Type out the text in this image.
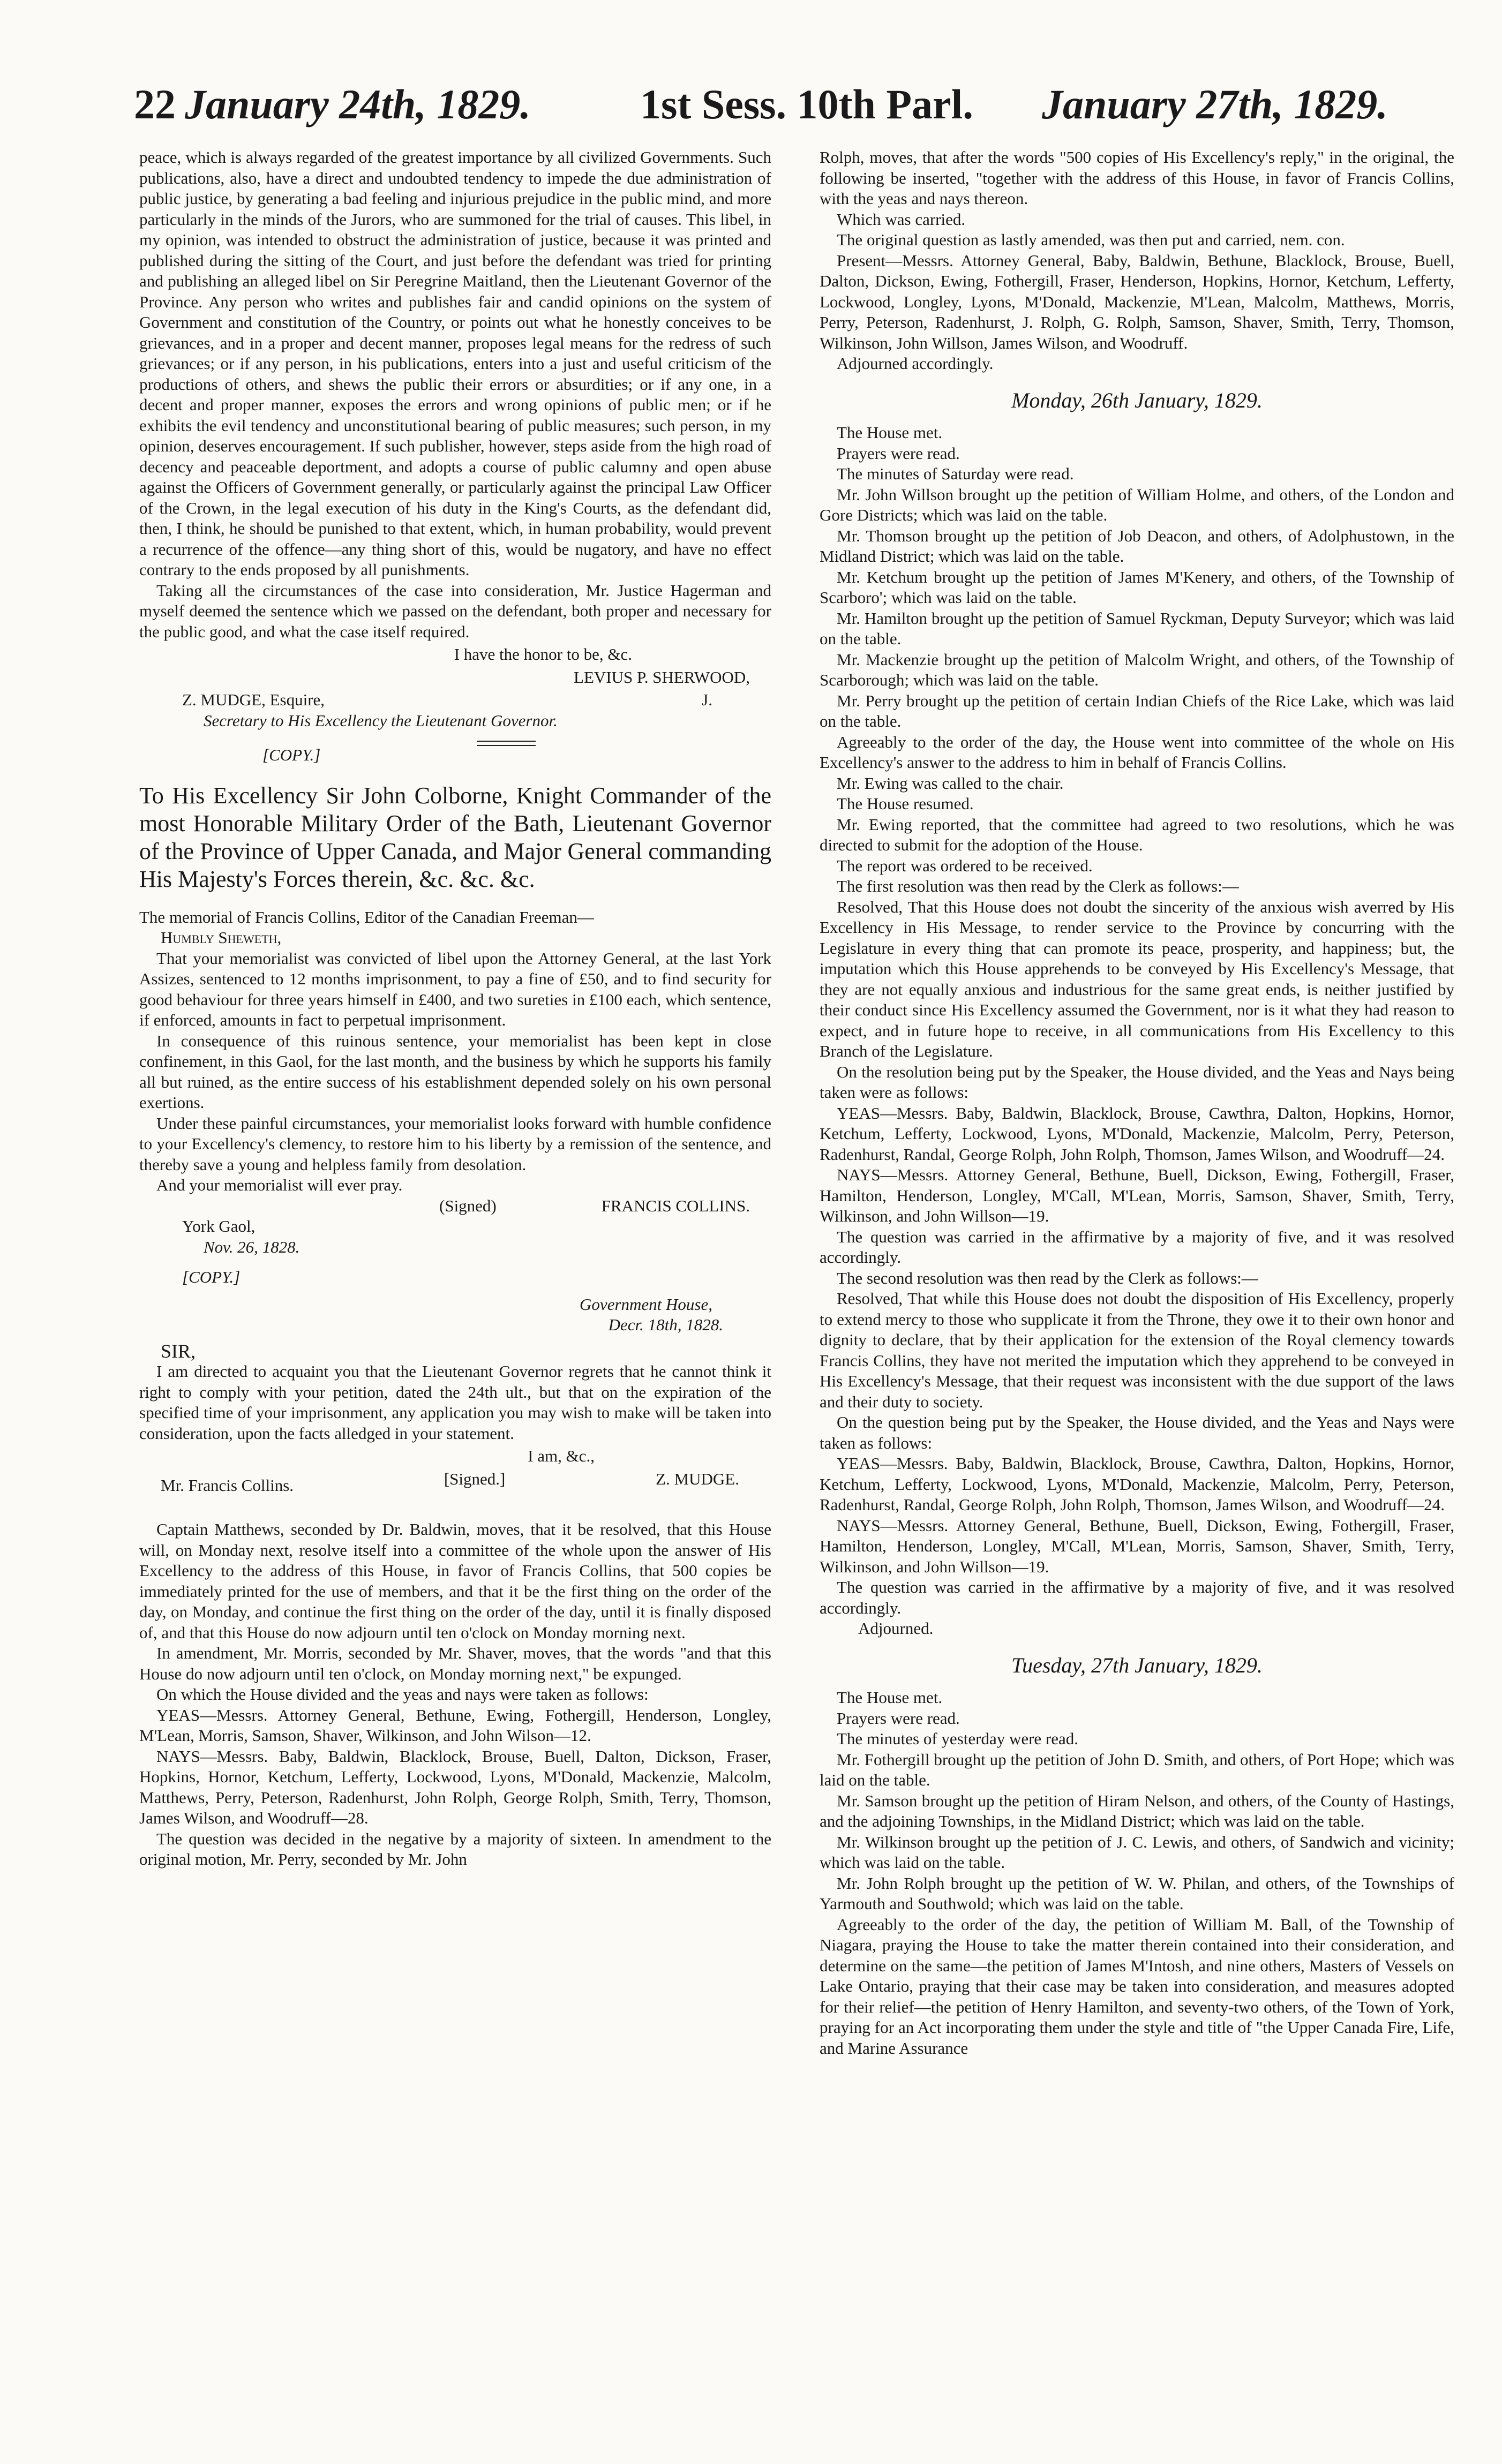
22 January 24th, 1829.	1st Sess. 10th Parl. January 27th, 1829.

peace, which is always regarded of the greatest importance by all civilized Governments. Such publications, also, have a direct and undoubted tendency to impede the due administration of public justice, by generating a bad feeling and injurious prejudice in the public mind, and more particularly in the minds of the Jurors, who are summoned for the trial of causes. This libel, in my opinion, was intended to obstruct the administration of justice, because it was printed and published during the sitting of the Court, and just before the defendant was tried for printing and publishing an alleged libel on Sir Peregrine Maitland, then the Lieutenant Governor of the Province. Any person who writes and publishes fair and candid opinions on the system of Government and constitution of the Country, or points out what he honestly conceives to be grievances, and in a proper and decent manner, proposes legal means for the redress of such grievances; or if any person, in his publications, enters into a just and useful criticism of the productions of others, and shews the public their errors or absurdities; or if any one, in a decent and proper manner, exposes the errors and wrong opinions of public men; or if he exhibits the evil tendency and unconstitutional bearing of public measures; such person, in my opinion, deserves encouragement. If such publisher, however, steps aside from the high road of decency and peaceable deportment, and adopts a course of public calumny and open abuse against the Officers of Government generally, or particularly against the principal Law Officer of the Crown, in the legal execution of his duty in the King's Courts, as the defendant did, then, I think, he should be punished to that extent, which, in human probability, would prevent a recurrence of the offence—any thing short of this, would be nugatory, and have no effect contrary to the ends proposed by all punishments.

Taking all the circumstances of the case into consideration, Mr. Justice Hagerman and myself deemed the sentence which we passed on the defendant, both proper and necessary for the public good, and what the case itself required.

I have the honor to be, &c.
LEVIUS P. SHERWOOD,
Z. MUDGE, Esquire,	J.
Secretary to His Excellency the Lieutenant Governor.
[COPY.]
To His Excellency Sir John Colborne, Knight Commander of the most Honorable Military Order of the Bath, Lieutenant Governor of the Province of Upper Canada, and Major General commanding His Majesty's Forces therein, &c. &c. &c.

The memorial of Francis Collins, Editor of the Canadian Freeman—

Humbly Sheweth,

That your memorialist was convicted of libel upon the Attorney General, at the last York Assizes, sentenced to 12 months imprisonment, to pay a fine of £50, and to find security for good behaviour for three years himself in £400, and two sureties in £100 each, which sentence, if enforced, amounts in fact to perpetual imprisonment.

In consequence of this ruinous sentence, your memorialist has been kept in close confinement, in this Gaol, for the last month, and the business by which he supports his family all but ruined, as the entire success of his establishment depended solely on his own personal exertions.

Under these painful circumstances, your memorialist looks forward with humble confidence to your Excellency's clemency, to restore him to his liberty by a remission of the sentence, and thereby save a young and helpless family from desolation.

And your memorialist will ever pray.

(Signed)	FRANCIS COLLINS.
York Gaol,
Nov. 26, 1828.
[COPY.]
Government House,
Decr. 18th, 1828.
SIR,

I am directed to acquaint you that the Lieutenant Governor regrets that he cannot think it right to comply with your petition, dated the 24th ult., but that on the expiration of the specified time of your imprisonment, any application you may wish to make will be taken into consideration, upon the facts alledged in your statement.

I am, &c.,
Mr. Francis Collins.	[Signed.]	Z. MUDGE.

Captain Matthews, seconded by Dr. Baldwin, moves, that it be resolved, that this House will, on Monday next, resolve itself into a committee of the whole upon the answer of His Excellency to the address of this House, in favor of Francis Collins, that 500 copies be immediately printed for the use of members, and that it be the first thing on the order of the day, on Monday, and continue the first thing on the order of the day, until it is finally disposed of, and that this House do now adjourn until ten o'clock on Monday morning next.

In amendment, Mr. Morris, seconded by Mr. Shaver, moves, that the words "and that this House do now adjourn until ten o'clock, on Monday morning next," be expunged.

On which the House divided and the yeas and nays were taken as follows:

YEAS—Messrs. Attorney General, Bethune, Ewing, Fothergill, Henderson, Longley, M'Lean, Morris, Samson, Shaver, Wilkinson, and John Wilson—12.

NAYS—Messrs. Baby, Baldwin, Blacklock, Brouse, Buell, Dalton, Dickson, Fraser, Hopkins, Hornor, Ketchum, Lefferty, Lockwood, Lyons, M'Donald, Mackenzie, Malcolm, Matthews, Perry, Peterson, Radenhurst, John Rolph, George Rolph, Smith, Terry, Thomson, James Wilson, and Woodruff—28.

The question was decided in the negative by a majority of sixteen. In amendment to the original motion, Mr. Perry, seconded by Mr. John

Rolph, moves, that after the words "500 copies of His Excellency's reply," in the original, the following be inserted, "together with the address of this House, in favor of Francis Collins, with the yeas and nays thereon.

Which was carried.

The original question as lastly amended, was then put and carried, nem. con.

Present—Messrs. Attorney General, Baby, Baldwin, Bethune, Blacklock, Brouse, Buell, Dalton, Dickson, Ewing, Fothergill, Fraser, Henderson, Hopkins, Hornor, Ketchum, Lefferty, Lockwood, Longley, Lyons, M'Donald, Mackenzie, M'Lean, Malcolm, Matthews, Morris, Perry, Peterson, Radenhurst, J. Rolph, G. Rolph, Samson, Shaver, Smith, Terry, Thomson, Wilkinson, John Willson, James Wilson, and Woodruff.

Adjourned accordingly.

Monday, 26th January, 1829.

The House met.

Prayers were read.

The minutes of Saturday were read.

Mr. John Willson brought up the petition of William Holme, and others, of the London and Gore Districts; which was laid on the table.

Mr. Thomson brought up the petition of Job Deacon, and others, of Adolphustown, in the Midland District; which was laid on the table.

Mr. Ketchum brought up the petition of James M'Kenery, and others, of the Township of Scarboro'; which was laid on the table.

Mr. Hamilton brought up the petition of Samuel Ryckman, Deputy Surveyor; which was laid on the table.

Mr. Mackenzie brought up the petition of Malcolm Wright, and others, of the Township of Scarborough; which was laid on the table.

Mr. Perry brought up the petition of certain Indian Chiefs of the Rice Lake, which was laid on the table.

Agreeably to the order of the day, the House went into committee of the whole on His Excellency's answer to the address to him in behalf of Francis Collins.

Mr. Ewing was called to the chair.

The House resumed.

Mr. Ewing reported, that the committee had agreed to two resolutions, which he was directed to submit for the adoption of the House.

The report was ordered to be received.

The first resolution was then read by the Clerk as follows:—

Resolved, That this House does not doubt the sincerity of the anxious wish averred by His Excellency in His Message, to render service to the Province by concurring with the Legislature in every thing that can promote its peace, prosperity, and happiness; but, the imputation which this House apprehends to be conveyed by His Excellency's Message, that they are not equally anxious and industrious for the same great ends, is neither justified by their conduct since His Excellency assumed the Government, nor is it what they had reason to expect, and in future hope to receive, in all communications from His Excellency to this Branch of the Legislature.

On the resolution being put by the Speaker, the House divided, and the Yeas and Nays being taken were as follows:

YEAS—Messrs. Baby, Baldwin, Blacklock, Brouse, Cawthra, Dalton, Hopkins, Hornor, Ketchum, Lefferty, Lockwood, Lyons, M'Donald, Mackenzie, Malcolm, Perry, Peterson, Radenhurst, Randal, George Rolph, John Rolph, Thomson, James Wilson, and Woodruff—24.

NAYS—Messrs. Attorney General, Bethune, Buell, Dickson, Ewing, Fothergill, Fraser, Hamilton, Henderson, Longley, M'Call, M'Lean, Morris, Samson, Shaver, Smith, Terry, Wilkinson, and John Willson—19.

The question was carried in the affirmative by a majority of five, and it was resolved accordingly.

The second resolution was then read by the Clerk as follows:—

Resolved, That while this House does not doubt the disposition of His Excellency, properly to extend mercy to those who supplicate it from the Throne, they owe it to their own honor and dignity to declare, that by their application for the extension of the Royal clemency towards Francis Collins, they have not merited the imputation which they apprehend to be conveyed in His Excellency's Message, that their request was inconsistent with the due support of the laws and their duty to society.

On the question being put by the Speaker, the House divided, and the Yeas and Nays were taken as follows:

YEAS—Messrs. Baby, Baldwin, Blacklock, Brouse, Cawthra, Dalton, Hopkins, Hornor, Ketchum, Lefferty, Lockwood, Lyons, M'Donald, Mackenzie, Malcolm, Perry, Peterson, Radenhurst, Randal, George Rolph, John Rolph, Thomson, James Wilson, and Woodruff—24.

NAYS—Messrs. Attorney General, Bethune, Buell, Dickson, Ewing, Fothergill, Fraser, Hamilton, Henderson, Longley, M'Call, M'Lean, Morris, Samson, Shaver, Smith, Terry, Wilkinson, and John Willson—19.

The question was carried in the affirmative by a majority of five, and it was resolved accordingly.

Adjourned.

Tuesday, 27th January, 1829.

The House met.

Prayers were read.

The minutes of yesterday were read.

Mr. Fothergill brought up the petition of John D. Smith, and others, of Port Hope; which was laid on the table.

Mr. Samson brought up the petition of Hiram Nelson, and others, of the County of Hastings, and the adjoining Townships, in the Midland District; which was laid on the table.

Mr. Wilkinson brought up the petition of J. C. Lewis, and others, of Sandwich and vicinity; which was laid on the table.

Mr. John Rolph brought up the petition of W. W. Philan, and others, of the Townships of Yarmouth and Southwold; which was laid on the table.

Agreeably to the order of the day, the petition of William M. Ball, of the Township of Niagara, praying the House to take the matter therein contained into their consideration, and determine on the same—the petition of James M'Intosh, and nine others, Masters of Vessels on Lake Ontario, praying that their case may be taken into consideration, and measures adopted for their relief—the petition of Henry Hamilton, and seventy-two others, of the Town of York, praying for an Act incorporating them under the style and title of "the Upper Canada Fire, Life, and Marine Assurance
